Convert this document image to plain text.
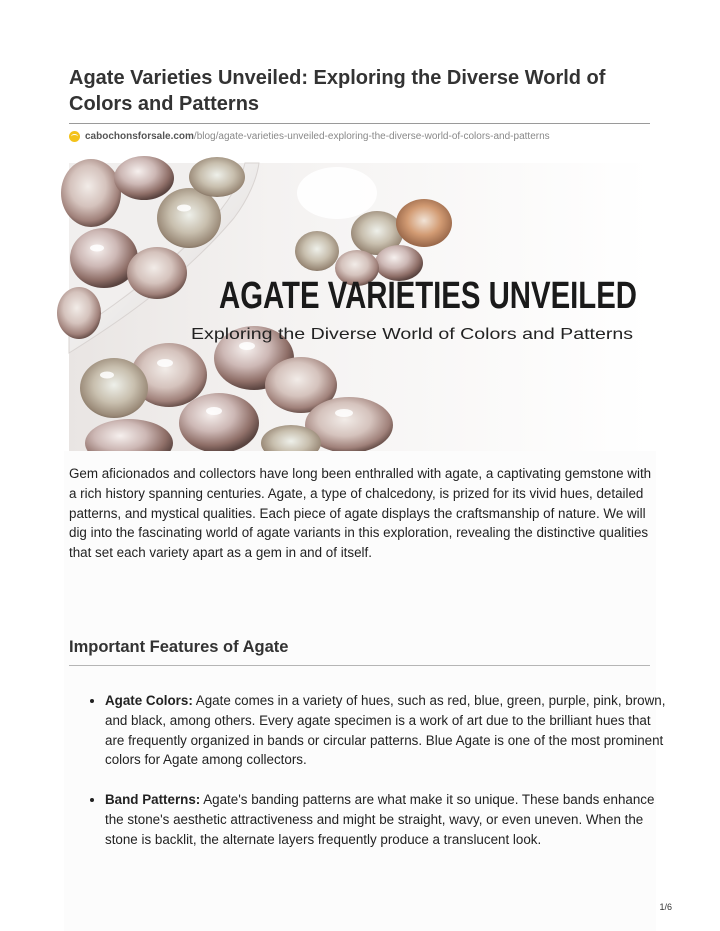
Agate Varieties Unveiled: Exploring the Diverse World of Colors and Patterns
cabochonsforsale.com /blog/agate-varieties-unveiled-exploring-the-diverse-world-of-colors-and-patterns
AGATE VARIETIES UNVEILED
Exploring the Diverse World of Colors and Patterns

Gem aficionados and collectors have long been enthralled with agate, a captivating gemstone with a rich history spanning centuries. Agate, a type of chalcedony, is prized for its vivid hues, detailed patterns, and mystical qualities. Each piece of agate displays the craftsmanship of nature. We will dig into the fascinating world of agate variants in this exploration, revealing the distinctive qualities that set each variety apart as a gem in and of itself.

Important Features of Agate
• Agate Colors: Agate comes in a variety of hues, such as red, blue, green, purple, pink, brown, and black, among others. Every agate specimen is a work of art due to the brilliant hues that are frequently organized in bands or circular patterns. Blue Agate is one of the most prominent colors for Agate among collectors.
• Band Patterns: Agate's banding patterns are what make it so unique. These bands enhance the stone's aesthetic attractiveness and might be straight, wavy, or even uneven. When the stone is backlit, the alternate layers frequently produce a translucent look.
1/6
